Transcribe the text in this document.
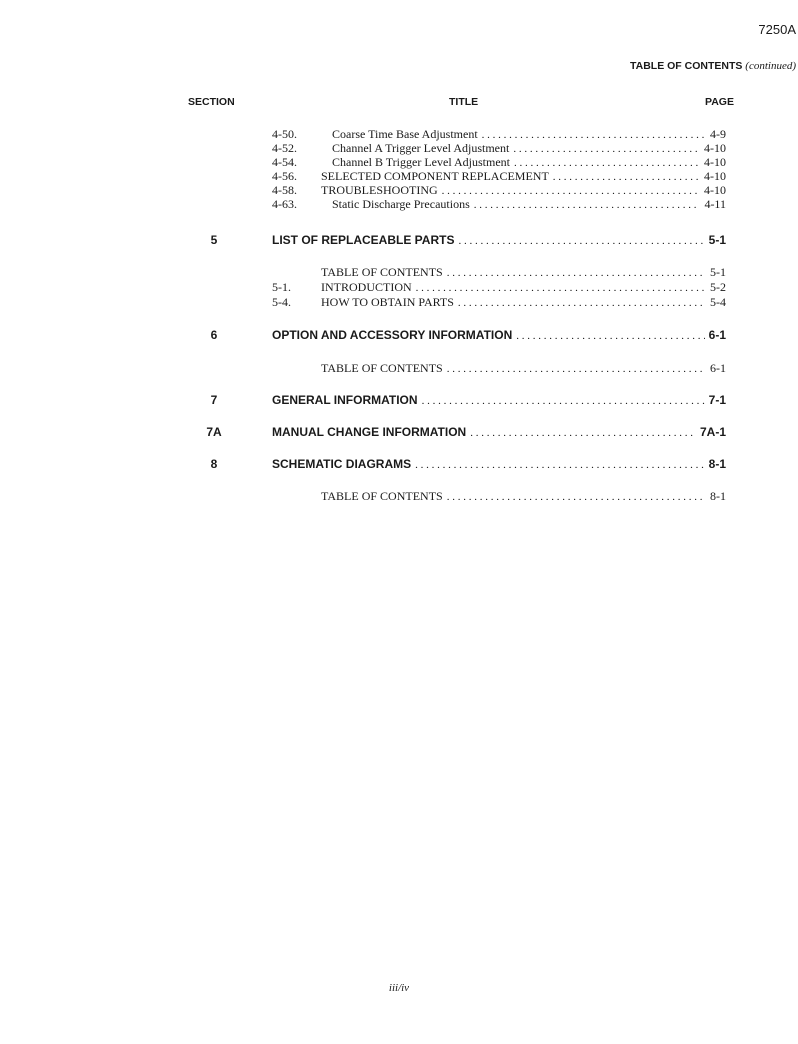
7250A
TABLE OF CONTENTS (continued)
SECTION	TITLE	PAGE
4-50.	Coarse Time Base Adjustment . . .	4-9
4-52.	Channel A Trigger Level Adjustment . . .	4-10
4-54.	Channel B Trigger Level Adjustment . . .	4-10
4-56. SELECTED COMPONENT REPLACEMENT . . .	4-10
4-58. TROUBLESHOOTING . . .	4-10
4-63.	Static Discharge Precautions . . .	4-11
5	LIST OF REPLACEABLE PARTS . . .	5-1
TABLE OF CONTENTS . . .	5-1
5-1.	INTRODUCTION . . .	5-2
5-4.	HOW TO OBTAIN PARTS . . .	5-4
6	OPTION AND ACCESSORY INFORMATION . . .	6-1
TABLE OF CONTENTS . . .	6-1
7	GENERAL INFORMATION . . .	7-1
7A	MANUAL CHANGE INFORMATION . . .	7A-1
8	SCHEMATIC DIAGRAMS . . .	8-1
TABLE OF CONTENTS . . .	8-1
iii/iv
